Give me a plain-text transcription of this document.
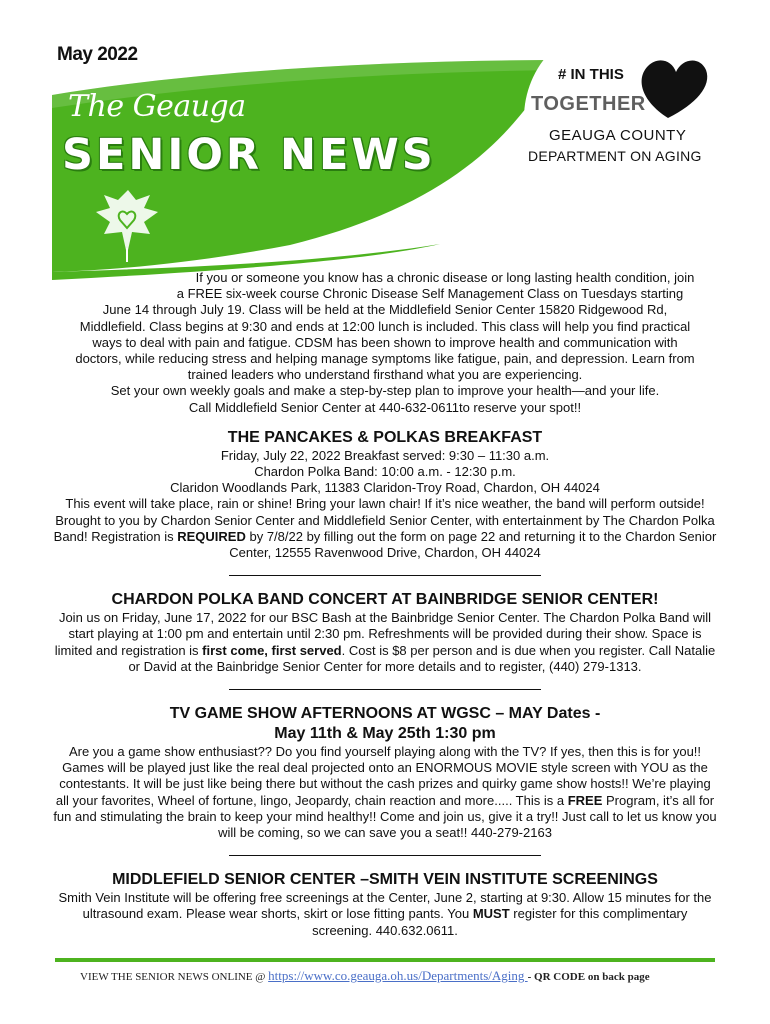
May 2022
The Geauga
SENIOR NEWS
# IN THIS
TOGETHER
GEAUGA COUNTY
DEPARTMENT ON AGING

If you or someone you know has a chronic disease or long lasting health condition, join

a FREE six-week course Chronic Disease Self Management Class on Tuesdays starting

June 14 through July 19. Class will be held at the Middlefield Senior Center 15820 Ridgewood Rd,

Middlefield. Class begins at 9:30 and ends at 12:00 lunch is included. This class will help you find practical

ways to deal with pain and fatigue. CDSM has been shown to improve health and communication with

doctors, while reducing stress and helping manage symptoms like fatigue, pain, and depression. Learn from

trained leaders who understand firsthand what you are experiencing.

Set your own weekly goals and make a step-by-step plan to improve your health—and your life.

Call Middlefield Senior Center at 440-632-0611to reserve your spot!!

THE PANCAKES & POLKAS BREAKFAST

Friday, July 22, 2022 Breakfast served: 9:30 – 11:30 a.m.

Chardon Polka Band: 10:00 a.m. - 12:30 p.m.

Claridon Woodlands Park, 11383 Claridon-Troy Road, Chardon, OH 44024

This event will take place, rain or shine! Bring your lawn chair! If it’s nice weather, the band will perform outside! Brought to you by Chardon Senior Center and Middlefield Senior Center, with entertainment by The Chardon Polka Band! Registration is REQUIRED by 7/8/22 by filling out the form on page 22 and returning it to the Chardon Senior Center, 12555 Ravenwood Drive, Chardon, OH 44024

CHARDON POLKA BAND CONCERT AT BAINBRIDGE SENIOR CENTER!

Join us on Friday, June 17, 2022 for our BSC Bash at the Bainbridge Senior Center. The Chardon Polka Band will start playing at 1:00 pm and entertain until 2:30 pm. Refreshments will be provided during their show. Space is limited and registration is first come, first served. Cost is $8 per person and is due when you register. Call Natalie or David at the Bainbridge Senior Center for more details and to register, (440) 279-1313.

TV GAME SHOW AFTERNOONS AT WGSC – MAY Dates -
May 11th & May 25th 1:30 pm

Are you a game show enthusiast?? Do you find yourself playing along with the TV? If yes, then this is for you!! Games will be played just like the real deal projected onto an ENORMOUS MOVIE style screen with YOU as the contestants. It will be just like being there but without the cash prizes and quirky game show hosts!! We’re playing all your favorites, Wheel of fortune, lingo, Jeopardy, chain reaction and more..... This is a FREE Program, it’s all for fun and stimulating the brain to keep your mind healthy!! Come and join us, give it a try!! Just call to let us know you will be coming, so we can save you a seat!! 440-279-2163

MIDDLEFIELD SENIOR CENTER –SMITH VEIN INSTITUTE SCREENINGS

Smith Vein Institute will be offering free screenings at the Center, June 2, starting at 9:30. Allow 15 minutes for the ultrasound exam. Please wear shorts, skirt or lose fitting pants. You MUST register for this complimentary screening. 440.632.0611.

VIEW THE SENIOR NEWS ONLINE @ https://www.co.geauga.oh.us/Departments/Aging - QR CODE on back page
